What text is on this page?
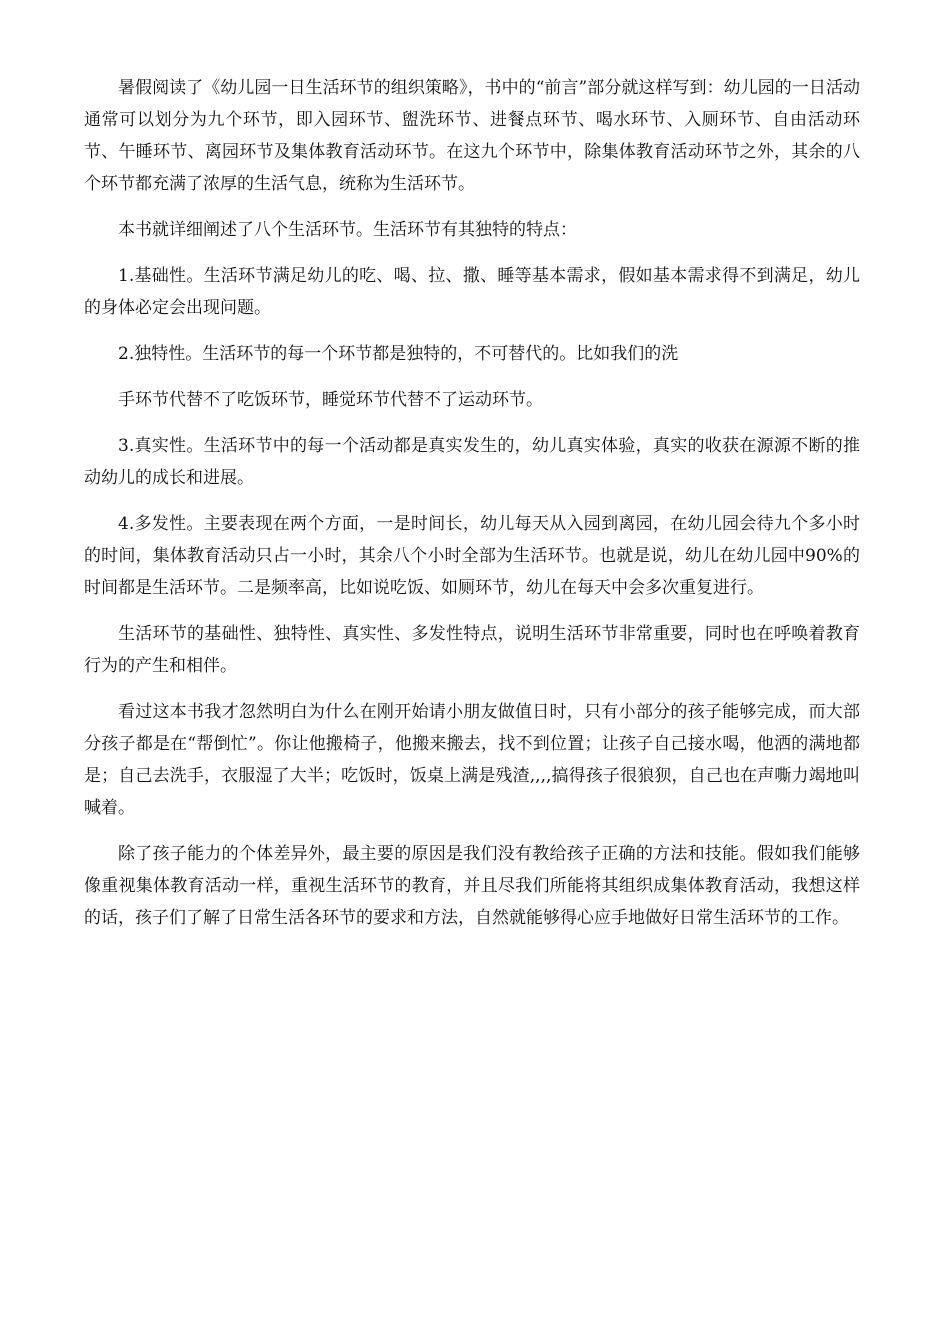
暑假阅读了《幼儿园一日生活环节的组织策略》，书中的“前言”部分就这样写到：幼儿园的一日活动通常可以划分为九个环节，即入园环节、盥洗环节、进餐点环节、喝水环节、入厕环节、自由活动环节、午睡环节、离园环节及集体教育活动环节。在这九个环节中，除集体教育活动环节之外，其余的八个环节都充满了浓厚的生活气息，统称为生活环节。

本书就详细阐述了八个生活环节。生活环节有其独特的特点：

1.基础性。生活环节满足幼儿的吃、喝、拉、撒、睡等基本需求，假如基本需求得不到满足，幼儿的身体必定会出现问题。

2.独特性。生活环节的每一个环节都是独特的，不可替代的。比如我们的洗

手环节代替不了吃饭环节，睡觉环节代替不了运动环节。

3.真实性。生活环节中的每一个活动都是真实发生的，幼儿真实体验，真实的收获在源源不断的推动幼儿的成长和进展。

4.多发性。主要表现在两个方面，一是时间长，幼儿每天从入园到离园，在幼儿园会待九个多小时的时间，集体教育活动只占一小时，其余八个小时全部为生活环节。也就是说，幼儿在幼儿园中90%的时间都是生活环节。二是频率高，比如说吃饭、如厕环节，幼儿在每天中会多次重复进行。

生活环节的基础性、独特性、真实性、多发性特点，说明生活环节非常重要，同时也在呼唤着教育行为的产生和相伴。

看过这本书我才忽然明白为什么在刚开始请小朋友做值日时，只有小部分的孩子能够完成，而大部分孩子都是在“帮倒忙”。你让他搬椅子，他搬来搬去，找不到位置；让孩子自己接水喝，他洒的满地都是；自己去洗手，衣服湿了大半；吃饭时，饭桌上满是残渣,,,,搞得孩子很狼狈，自己也在声嘶力竭地叫喊着。

除了孩子能力的个体差异外，最主要的原因是我们没有教给孩子正确的方法和技能。假如我们能够像重视集体教育活动一样，重视生活环节的教育，并且尽我们所能将其组织成集体教育活动，我想这样的话，孩子们了解了日常生活各环节的要求和方法，自然就能够得心应手地做好日常生活环节的工作。
